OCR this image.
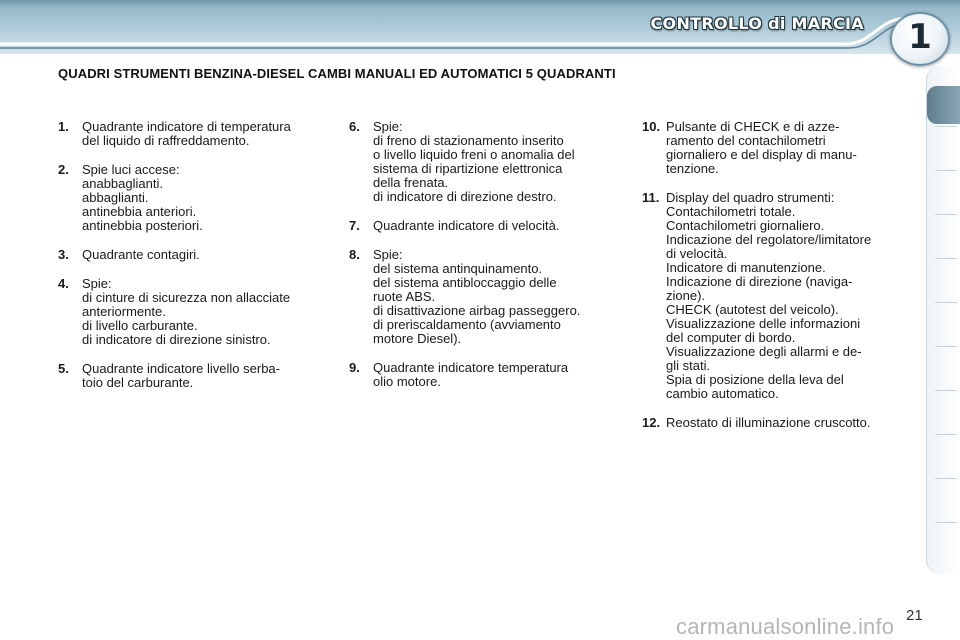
CONTROLLO di MARCIA	1
QUADRI STRUMENTI BENZINA-DIESEL CAMBI MANUALI ED AUTOMATICI 5 QUADRANTI
1. Quadrante indicatore di temperatura
del liquido di raffreddamento.
2. Spie luci accese:
anabbaglianti.
abbaglianti.
antinebbia anteriori.
antinebbia posteriori.
3. Quadrante contagiri.
4. Spie:
di cinture di sicurezza non allacciate
anteriormente.
di livello carburante.
di indicatore di direzione sinistro.
5. Quadrante indicatore livello serba-
toio del carburante.
6. Spie:
di freno di stazionamento inserito
o livello liquido freni o anomalia del
sistema di ripartizione elettronica
della frenata.
di indicatore di direzione destro.
7. Quadrante indicatore di velocità.
8. Spie:
del sistema antinquinamento.
del sistema antibloccaggio delle
ruote ABS.
di disattivazione airbag passeggero.
di preriscaldamento (avviamento
motore Diesel).
9. Quadrante indicatore temperatura
olio motore.
10. Pulsante di CHECK e di azze-
ramento del contachilometri
giornaliero e del display di manu-
tenzione.
11. Display del quadro strumenti:
Contachilometri totale.
Contachilometri giornaliero.
Indicazione del regolatore/limitatore
di velocità.
Indicatore di manutenzione.
Indicazione di direzione (naviga-
zione).
CHECK (autotest del veicolo).
Visualizzazione delle informazioni
del computer di bordo.
Visualizzazione degli allarmi e de-
gli stati.
Spia di posizione della leva del
cambio automatico.
12. Reostato di illuminazione cruscotto.
21
carmanualsonline.info
